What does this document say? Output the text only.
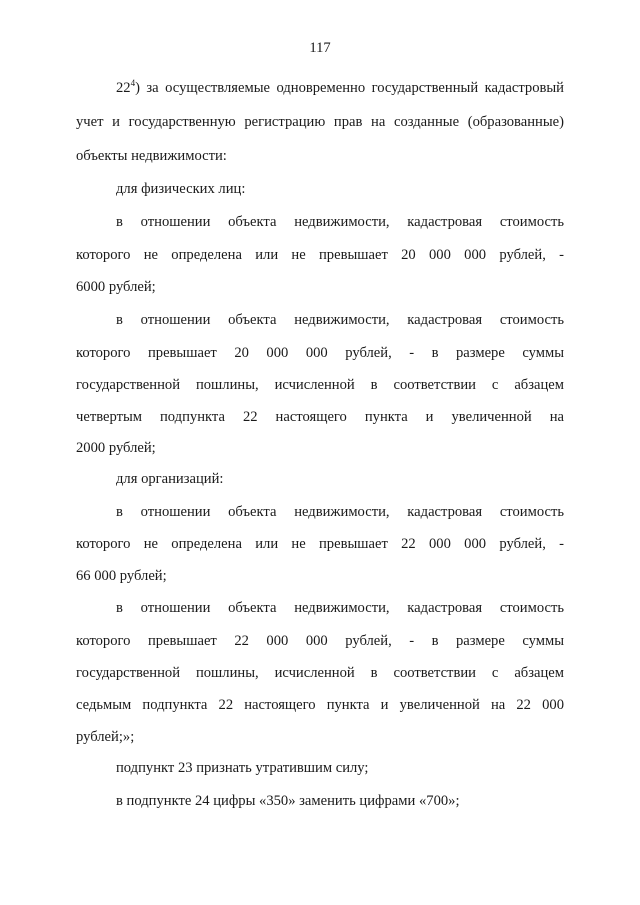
117
$22^4$) за осуществляемые одновременно государственный кадастровый
учет и государственную регистрацию прав на созданные (образованные)
объекты недвижимости:
для физических лиц:
в отношении объекта недвижимости, кадастровая стоимость
которого не определена или не превышает 20 000 000 рублей, -
6000 рублей;
в отношении объекта недвижимости, кадастровая стоимость
которого превышает 20 000 000 рублей, - в размере суммы
государственной пошлины, исчисленной в соответствии с абзацем
четвертым подпункта 22 настоящего пункта и увеличенной на
2000 рублей;
для организаций:
в отношении объекта недвижимости, кадастровая стоимость
которого не определена или не превышает 22 000 000 рублей, -
66 000 рублей;
в отношении объекта недвижимости, кадастровая стоимость
которого превышает 22 000 000 рублей, - в размере суммы
государственной пошлины, исчисленной в соответствии с абзацем
седьмым подпункта 22 настоящего пункта и увеличенной на 22 000
рублей;»;
подпункт 23 признать утратившим силу;
в подпункте 24 цифры «350» заменить цифрами «700»;
